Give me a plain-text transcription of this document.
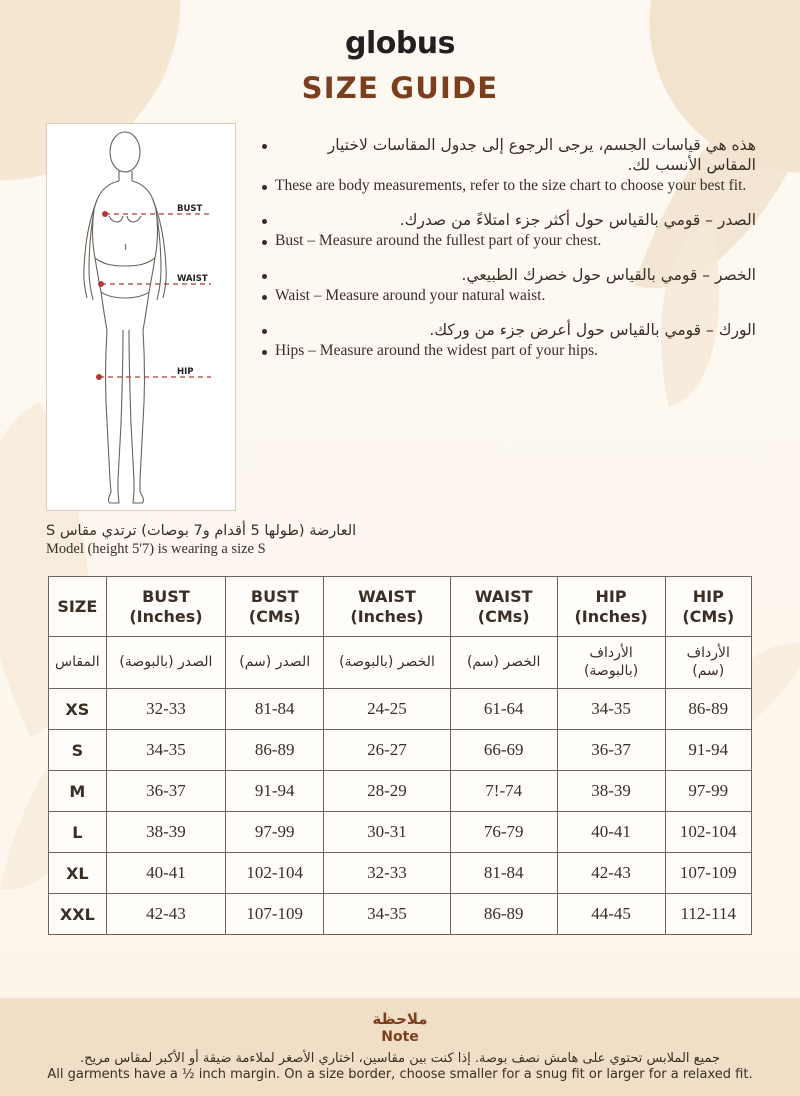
globus
SIZE GUIDE
BUST
WAIST
HIP
هذه هي قياسات الجسم، يرجى الرجوع إلى جدول المقاسات لاختيار المقاس الأنسب لك.
These are body measurements, refer to the size chart to choose your best fit.
الصدر – قومي بالقياس حول أكثر جزء امتلاءً من صدرك.
Bust – Measure around the fullest part of your chest.
الخصر – قومي بالقياس حول خصرك الطبيعي.
Waist – Measure around your natural waist.
الورك – قومي بالقياس حول أعرض جزء من وركك.
Hips – Measure around the widest part of your hips.
العارضة (طولها 5 أقدام و7 بوصات) ترتدي مقاس S
Model (height 5'7) is wearing a size S
SIZE	BUST (Inches)	BUST (CMs)	WAIST (Inches)	WAIST (CMs)	HIP (Inches)	HIP (CMs)
المقاس	الصدر (بالبوصة)	الصدر (سم)	الخصر (بالبوصة)	الخصر (سم)	الأرداف (بالبوصة)	الأرداف (سم)
XS	32-33	81-84	24-25	61-64	34-35	86-89
S	34-35	86-89	26-27	66-69	36-37	91-94
M	36-37	91-94	28-29	7!-74	38-39	97-99
L	38-39	97-99	30-31	76-79	40-41	102-104
XL	40-41	102-104	32-33	81-84	42-43	107-109
XXL	42-43	107-109	34-35	86-89	44-45	112-114
ملاحظة
Note
جميع الملابس تحتوي على هامش نصف بوصة. إذا كنت بين مقاسين، اختاري الأصغر لملاءمة ضيقة أو الأكبر لمقاس مريح.
All garments have a ½ inch margin. On a size border, choose smaller for a snug fit or larger for a relaxed fit.
